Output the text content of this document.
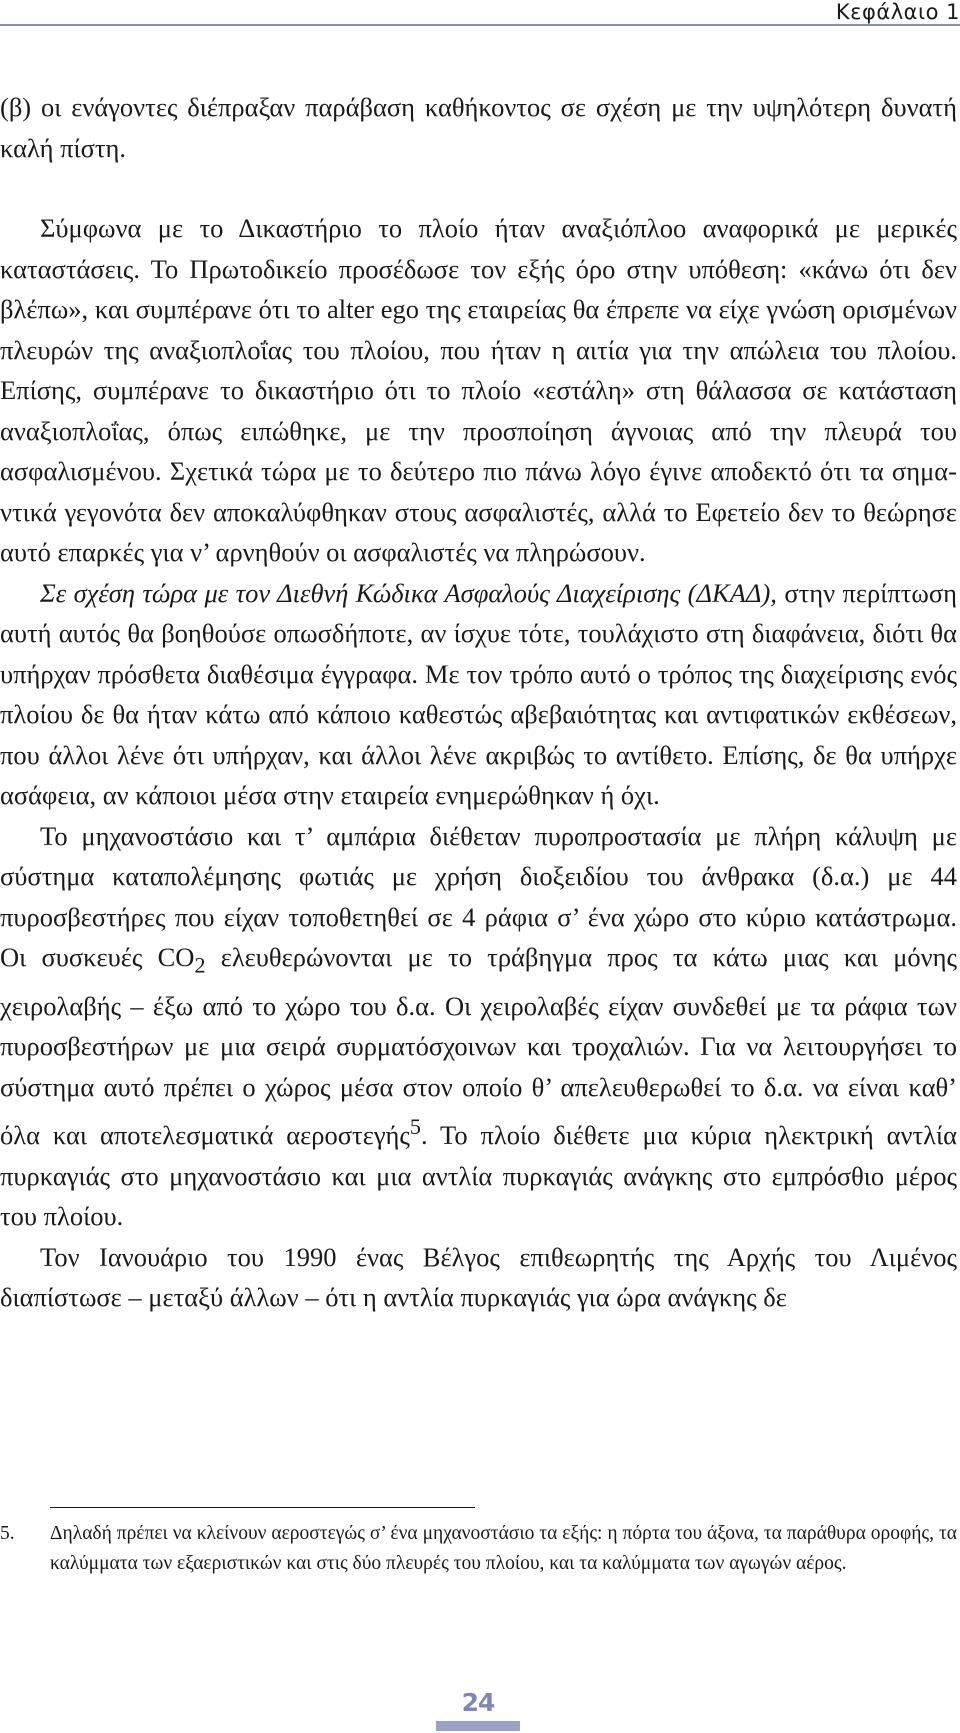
Κεφάλαιο 1

(β) οι ενάγοντες διέπραξαν παράβαση καθήκοντος σε σχέση με την υψηλότερη δυνατή καλή πίστη.

Σύμφωνα με το Δικαστήριο το πλοίο ήταν αναξιόπλοο αναφορικά με μερικές καταστάσεις. Το Πρωτοδικείο προσέδωσε τον εξής όρο στην υπόθεση: «κάνω ότι δεν βλέπω», και συμπέρανε ότι το alter ego της εταιρείας θα έπρεπε να είχε γνώση ορισμένων πλευρών της αναξιοπλοΐας του πλοίου, που ήταν η αιτία για την απώλεια του πλοίου. Επίσης, συμπέρανε το δικαστήριο ότι το πλοίο «εστάλη» στη θάλασσα σε κατάσταση αναξιοπλοΐας, όπως ειπώθηκε, με την προσποίηση άγνοιας από την πλευρά του ασφαλισμένου. Σχετικά τώρα με το δεύτερο πιο πάνω λόγο έγινε αποδεκτό ότι τα σημαντικά γεγονότα δεν αποκαλύφθηκαν στους ασφαλιστές, αλλά το Εφετείο δεν το θεώρησε αυτό επαρκές για ν’ αρνηθούν οι ασφαλιστές να πληρώσουν.

Σε σχέση τώρα με τον Διεθνή Κώδικα Ασφαλούς Διαχείρισης (ΔΚΑΔ), στην περίπτωση αυτή αυτός θα βοηθούσε οπωσδήποτε, αν ίσχυε τότε, τουλάχιστο στη διαφάνεια, διότι θα υπήρχαν πρόσθετα διαθέσιμα έγγραφα. Με τον τρόπο αυτό ο τρόπος της διαχείρισης ενός πλοίου δε θα ήταν κάτω από κάποιο καθεστώς αβεβαιότητας και αντιφατικών εκθέσεων, που άλλοι λένε ότι υπήρχαν, και άλλοι λένε ακριβώς το αντίθετο. Επίσης, δε θα υπήρχε ασάφεια, αν κάποιοι μέσα στην εταιρεία ενημερώθηκαν ή όχι.

Το μηχανοστάσιο και τ’ αμπάρια διέθεταν πυροπροστασία με πλήρη κάλυψη με σύστημα καταπολέμησης φωτιάς με χρήση διοξειδίου του άνθρακα (δ.α.) με 44 πυροσβεστήρες που είχαν τοποθετηθεί σε 4 ράφια σ’ ένα χώρο στο κύριο κατάστρωμα. Οι συσκευές $CO_2$ ελευθερώνονται με το τράβηγμα προς τα κάτω μιας και μόνης χειρολαβής – έξω από το χώρο του δ.α. Οι χειρολαβές είχαν συνδεθεί με τα ράφια των πυροσβεστήρων με μια σειρά συρματόσχοινων και τροχαλιών. Για να λειτουργήσει το σύστημα αυτό πρέπει ο χώρος μέσα στον οποίο θ’ απελευθερωθεί το δ.α. να είναι καθ’ όλα και αποτελεσματικά αεροστεγής$^5$. Το πλοίο διέθετε μια κύρια ηλεκτρική αντλία πυρκαγιάς στο μηχανοστάσιο και μια αντλία πυρκαγιάς ανάγκης στο εμπρόσθιο μέρος του πλοίου.

Τον Ιανουάριο του 1990 ένας Βέλγος επιθεωρητής της Αρχής του Λιμένος διαπίστωσε – μεταξύ άλλων – ότι η αντλία πυρκαγιάς για ώρα ανάγκης δε

5. Δηλαδή πρέπει να κλείνουν αεροστεγώς σ’ ένα μηχανοστάσιο τα εξής: η πόρτα του άξονα, τα παράθυρα οροφής, τα καλύμματα των εξαεριστικών και στις δύο πλευρές του πλοίου, και τα καλύμματα των αγωγών αέρος.
24
